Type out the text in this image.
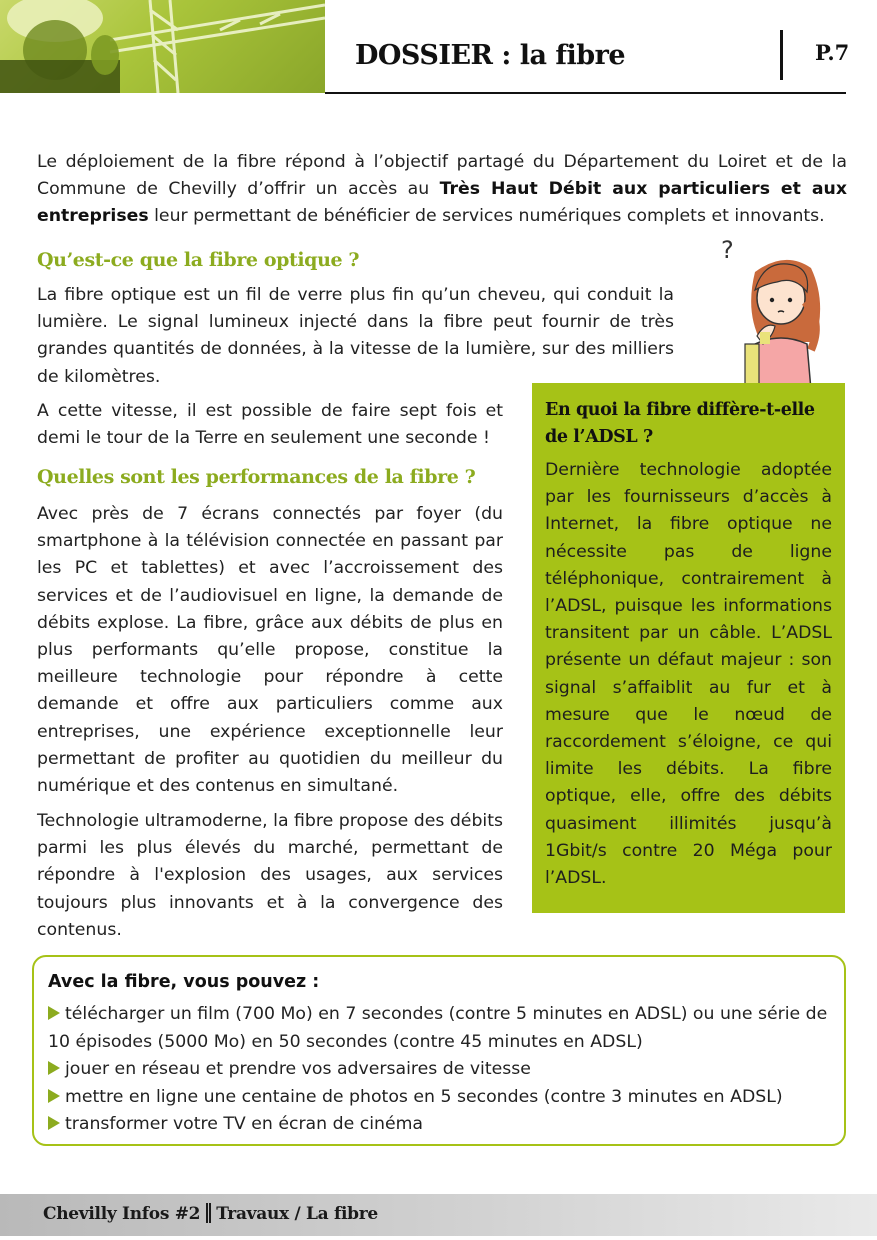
DOSSIER : la fibre	P.7
Le déploiement de la fibre répond à l’objectif partagé du Département du Loiret et de la Commune de Chevilly d’offrir un accès au Très Haut Débit aux particuliers et aux entreprises leur permettant de bénéficier de services numériques complets et innovants.
Qu’est-ce que la fibre optique ?
La fibre optique est un fil de verre plus fin qu’un cheveu, qui conduit la lumière. Le signal lumineux injecté dans la fibre peut fournir de très grandes quantités de données, à la vitesse de la lumière, sur des milliers de kilomètres.
A cette vitesse, il est possible de faire sept fois et demi le tour de la Terre en seulement une seconde !
?
Quelles sont les performances de la fibre ?
Avec près de 7 écrans connectés par foyer (du smartphone à la télévision connectée en passant par les PC et tablettes) et avec l’accroissement des services et de l’audiovisuel en ligne, la demande de débits explose. La fibre, grâce aux débits de plus en plus performants qu’elle propose, constitue la meilleure technologie pour répondre à cette demande et offre aux particuliers comme aux entreprises, une expérience exceptionnelle leur permettant de profiter au quotidien du meilleur du numérique et des contenus en simultané.
Technologie ultramoderne, la fibre propose des débits parmi les plus élevés du marché, permettant de répondre à l'explosion des usages, aux services toujours plus innovants et à la convergence des contenus.
En quoi la fibre diffère-t-elle de l’ADSL ?
Dernière technologie adoptée par les fournisseurs d’accès à Internet, la fibre optique ne nécessite pas de ligne téléphonique, contrairement à l’ADSL, puisque les informations transitent par un câble. L’ADSL présente un défaut majeur : son signal s’affaiblit au fur et à mesure que le nœud de raccordement s’éloigne, ce qui limite les débits. La fibre optique, elle, offre des débits quasiment illimités jusqu’à 1Gbit/s contre 20 Méga pour l’ADSL.
Avec la fibre, vous pouvez :
télécharger un film (700 Mo) en 7 secondes (contre 5 minutes en ADSL) ou une série de 10 épisodes (5000 Mo) en 50 secondes (contre 45 minutes en ADSL)
jouer en réseau et prendre vos adversaires de vitesse
mettre en ligne une centaine de photos en 5 secondes (contre 3 minutes en ADSL)
transformer votre TV en écran de cinéma
Chevilly Infos #2 Travaux / La fibre
